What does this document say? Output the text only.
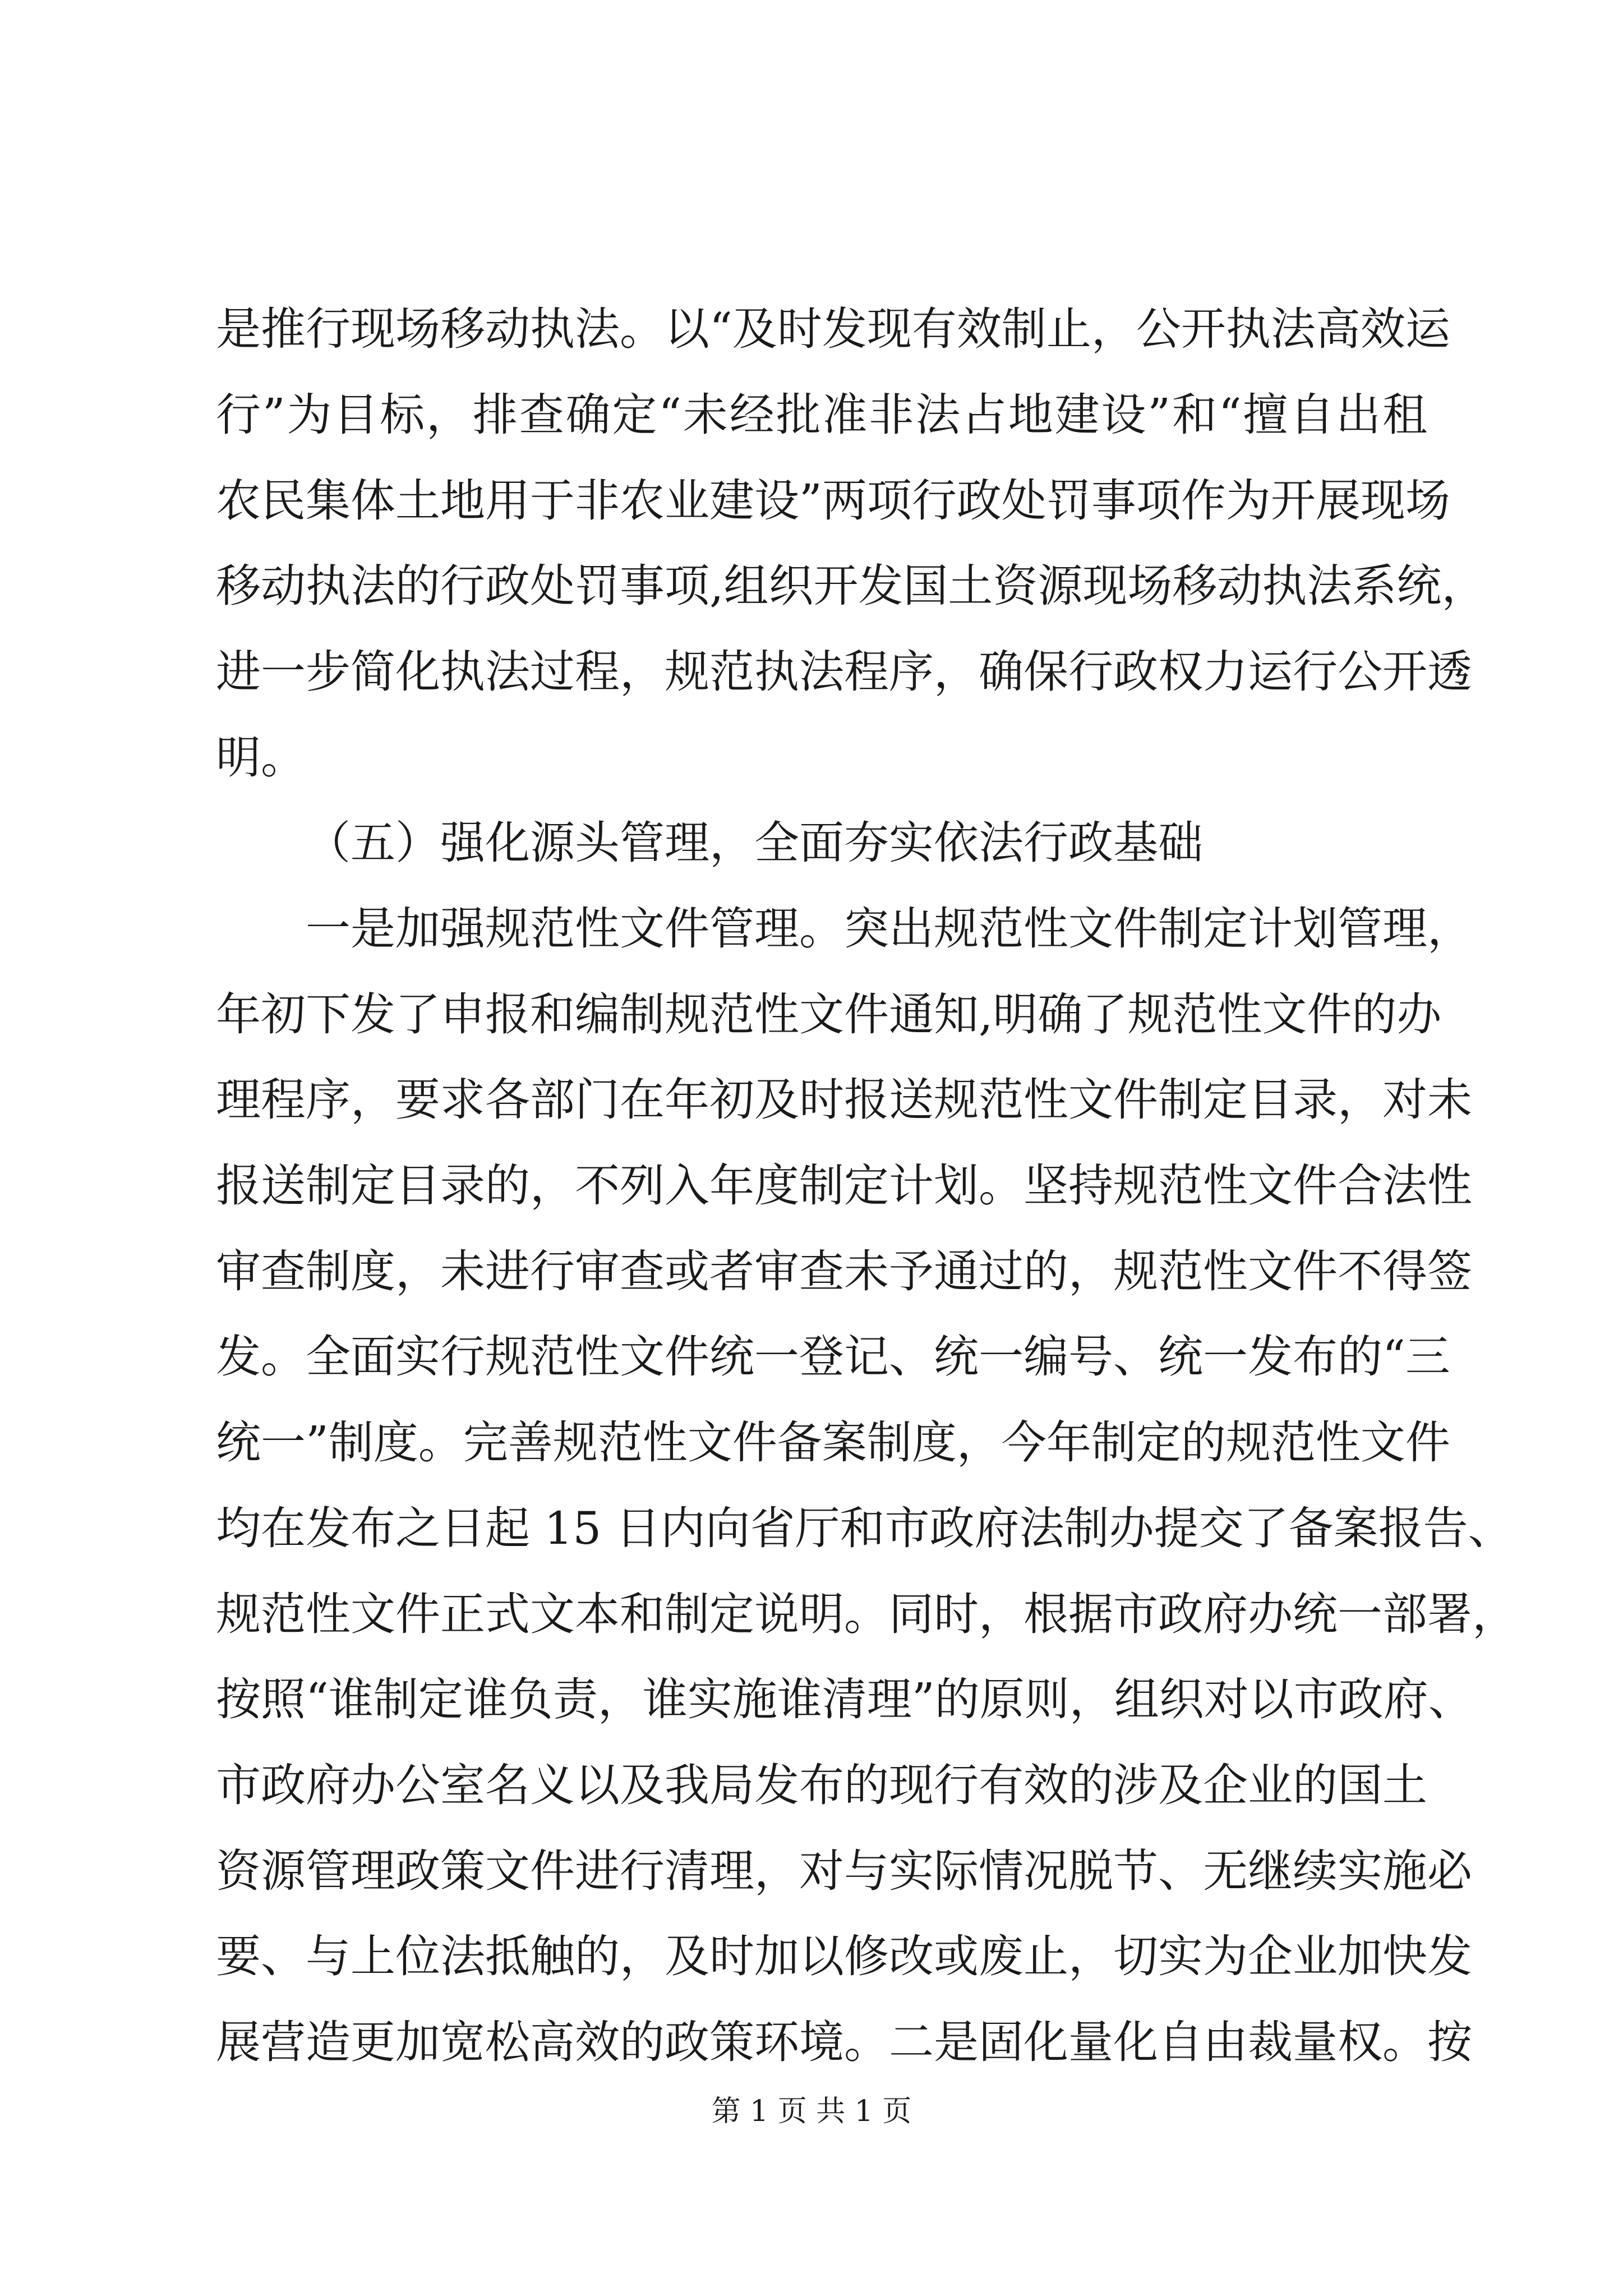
是推行现场移动执法。以“及时发现有效制止，公开执法高效运
行”为目标，排查确定“未经批准非法占地建设”和“擅自出租
农民集体土地用于非农业建设”两项行政处罚事项作为开展现场
移动执法的行政处罚事项,组织开发国土资源现场移动执法系统，
进一步简化执法过程，规范执法程序，确保行政权力运行公开透
明。
（五）强化源头管理，全面夯实依法行政基础
一是加强规范性文件管理。突出规范性文件制定计划管理，
年初下发了申报和编制规范性文件通知,明确了规范性文件的办
理程序，要求各部门在年初及时报送规范性文件制定目录，对未
报送制定目录的，不列入年度制定计划。坚持规范性文件合法性
审查制度，未进行审查或者审查未予通过的，规范性文件不得签
发。全面实行规范性文件统一登记、统一编号、统一发布的“三
统一”制度。完善规范性文件备案制度，今年制定的规范性文件
均在发布之日起 15 日内向省厅和市政府法制办提交了备案报告、
规范性文件正式文本和制定说明。同时，根据市政府办统一部署，
按照“谁制定谁负责，谁实施谁清理”的原则，组织对以市政府、
市政府办公室名义以及我局发布的现行有效的涉及企业的国土
资源管理政策文件进行清理，对与实际情况脱节、无继续实施必
要、与上位法抵触的，及时加以修改或废止，切实为企业加快发
展营造更加宽松高效的政策环境。二是固化量化自由裁量权。按
第 1 页 共 1 页
